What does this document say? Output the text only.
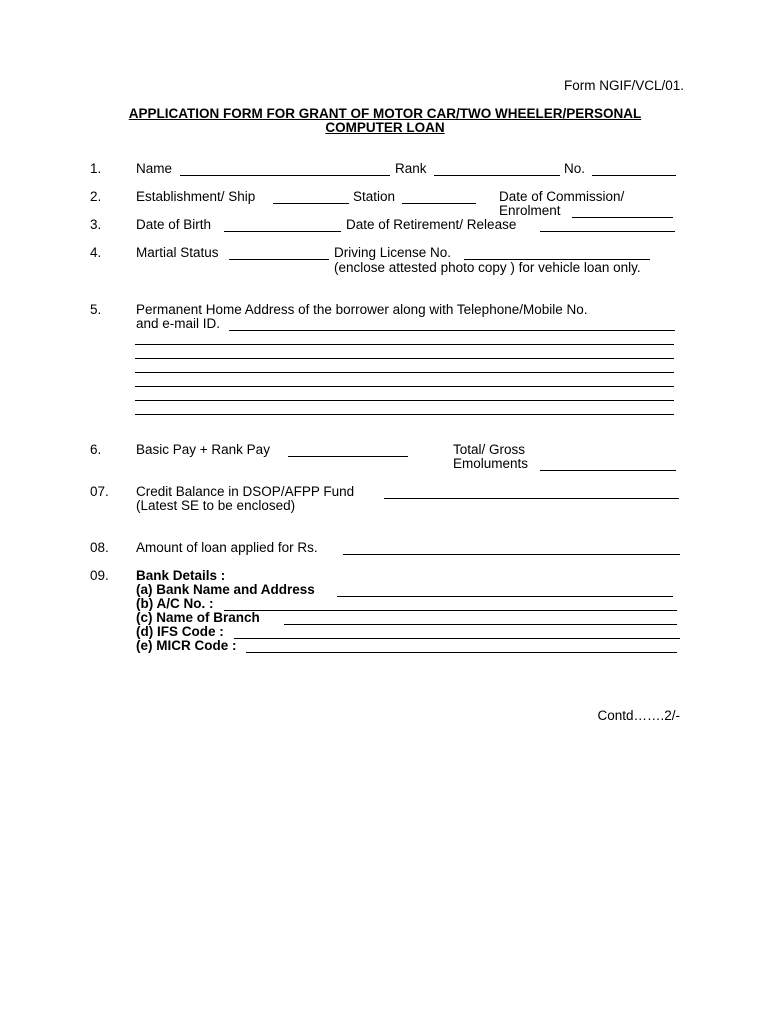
Form NGIF/VCL/01.
APPLICATION FORM FOR GRANT OF MOTOR CAR/TWO WHEELER/PERSONAL
COMPUTER LOAN
1.	Name	Rank	No.
2.	Establishment/ Ship	Station	Date of Commission/
Enrolment
3.	Date of Birth	Date of Retirement/ Release
4.	Martial Status	Driving License No.
(enclose attested photo copy ) for vehicle loan only.
5.	Permanent Home Address of the borrower along with Telephone/Mobile No.
and e-mail ID.
6.	Basic Pay + Rank Pay	Total/ Gross
Emoluments
07. Credit Balance in DSOP/AFPP Fund
(Latest SE to be enclosed)
08. Amount of loan applied for Rs.
09. Bank Details :
(a) Bank Name and Address
(b) A/C No. :
(c) Name of Branch
(d) IFS Code :
(e) MICR Code :
Contd…….2/-
